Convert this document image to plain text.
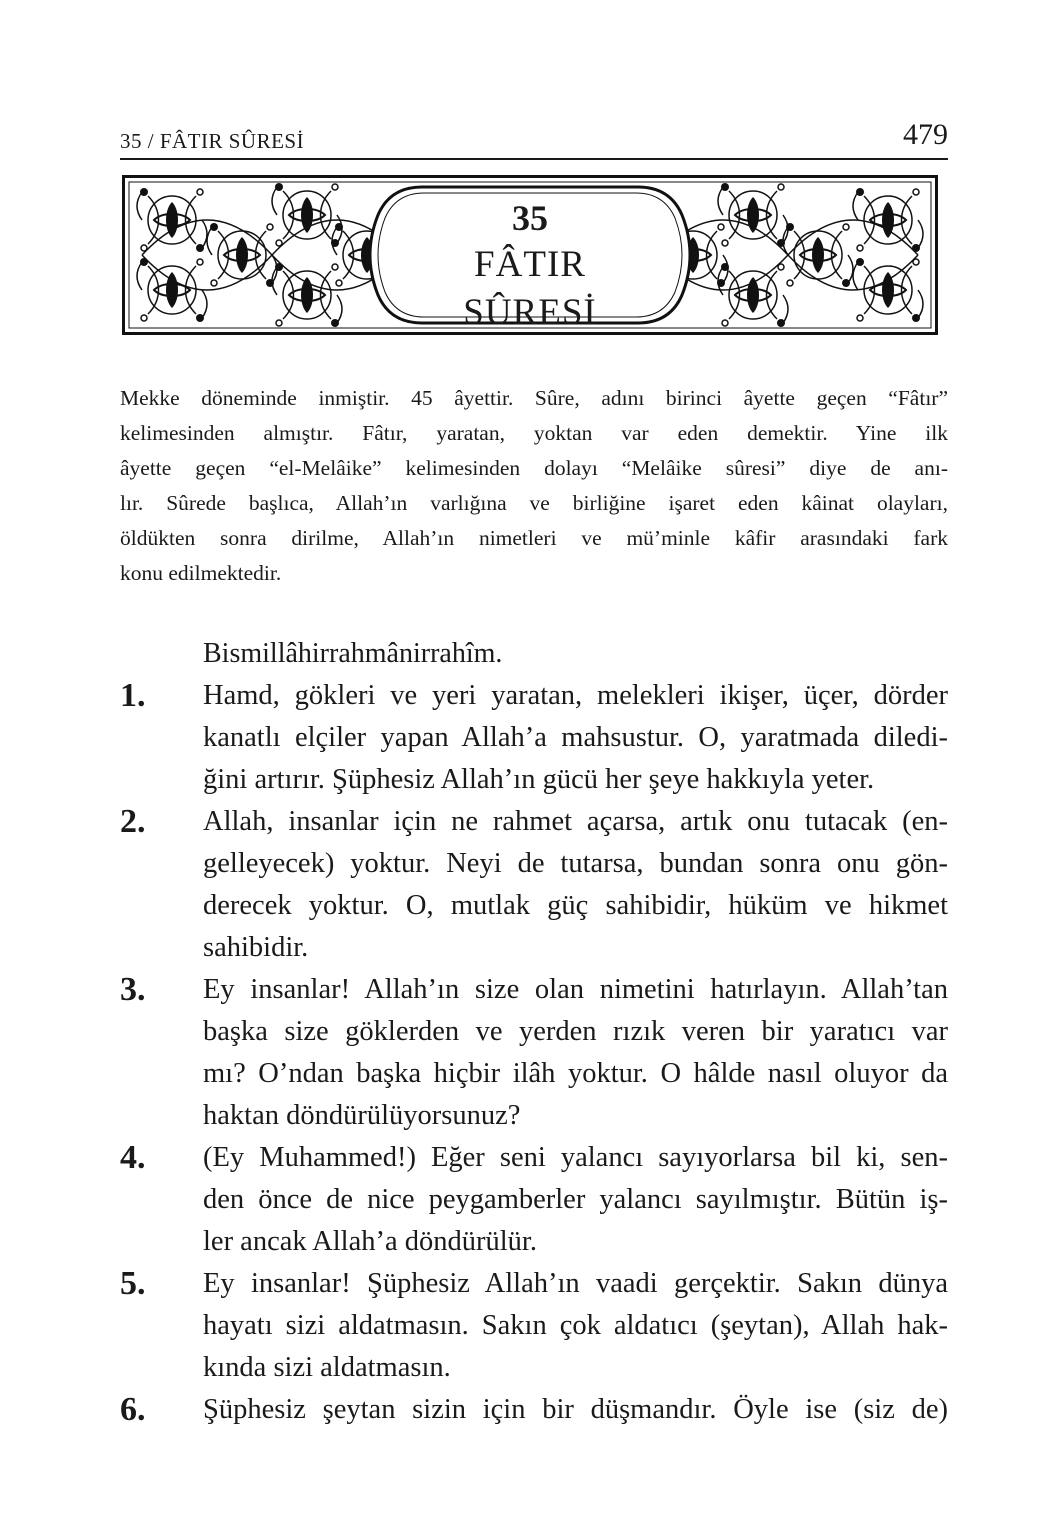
35 / FÂTIR SÛRESİ	479
35
FÂTIR SÛRESİ
Mekke döneminde inmiştir. 45 âyettir. Sûre, adını birinci âyette geçen “Fâtır”
kelimesinden almıştır. Fâtır, yaratan, yoktan var eden demektir. Yine ilk
âyette geçen “el-Melâike” kelimesinden dolayı “Melâike sûresi” diye de anı-
lır. Sûrede başlıca, Allah’ın varlığına ve birliğine işaret eden kâinat olayları,
öldükten sonra dirilme, Allah’ın nimetleri ve mü’minle kâfir arasındaki fark
konu edilmektedir.
Bismillâhirrahmânirrahîm.
1. Hamd, gökleri ve yeri yaratan, melekleri ikişer, üçer, dörder
kanatlı elçiler yapan Allah’a mahsustur. O, yaratmada diledi-
ğini artırır. Şüphesiz Allah’ın gücü her şeye hakkıyla yeter.
2. Allah, insanlar için ne rahmet açarsa, artık onu tutacak (en-
gelleyecek) yoktur. Neyi de tutarsa, bundan sonra onu gön-
derecek yoktur. O, mutlak güç sahibidir, hüküm ve hikmet
sahibidir.
3. Ey insanlar! Allah’ın size olan nimetini hatırlayın. Allah’tan
başka size göklerden ve yerden rızık veren bir yaratıcı var
mı? O’ndan başka hiçbir ilâh yoktur. O hâlde nasıl oluyor da
haktan döndürülüyorsunuz?
4. (Ey Muhammed!) Eğer seni yalancı sayıyorlarsa bil ki, sen-
den önce de nice peygamberler yalancı sayılmıştır. Bütün iş-
ler ancak Allah’a döndürülür.
5. Ey insanlar! Şüphesiz Allah’ın vaadi gerçektir. Sakın dünya
hayatı sizi aldatmasın. Sakın çok aldatıcı (şeytan), Allah hak-
kında sizi aldatmasın.
6. Şüphesiz şeytan sizin için bir düşmandır. Öyle ise (siz de)
